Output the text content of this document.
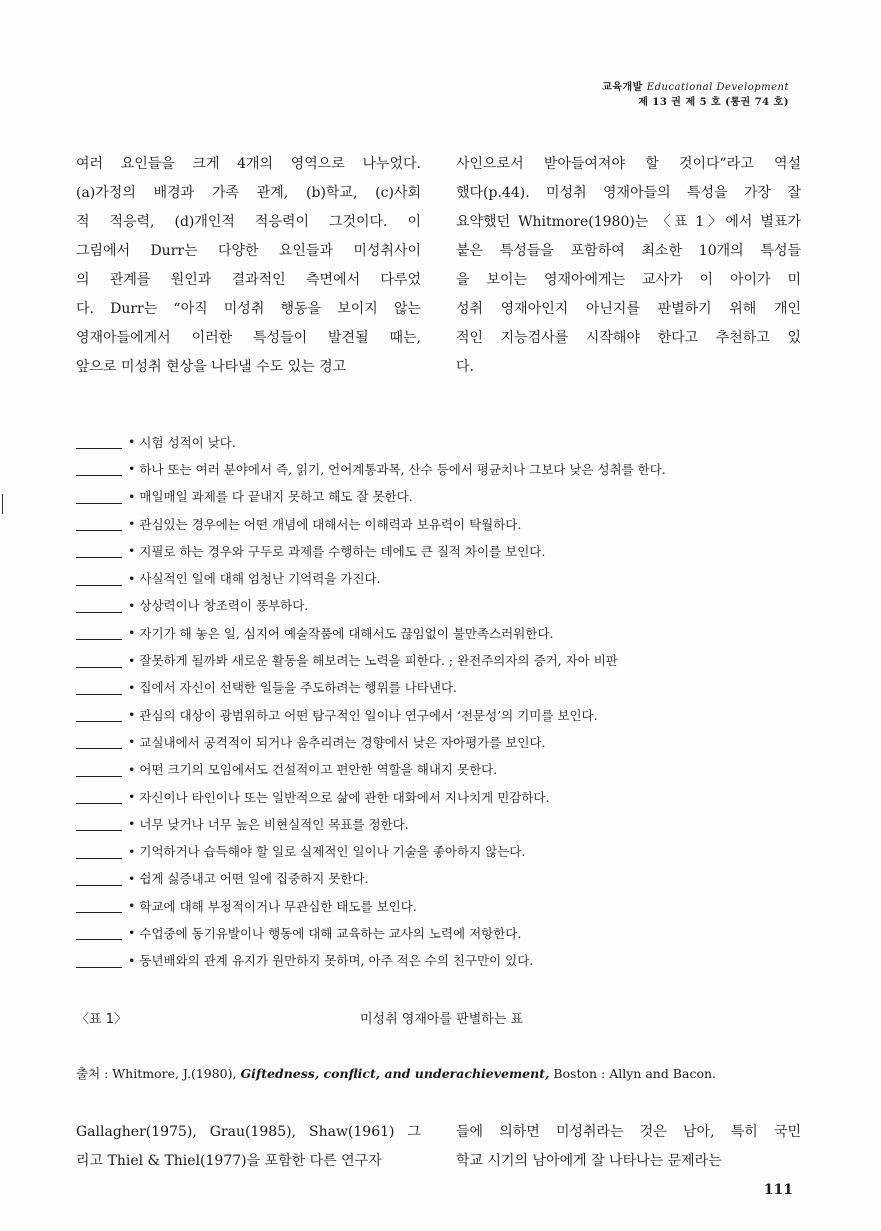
교육개발 Educational Development
제 13 권 제 5 호 (통권 74 호)
여러 요인들을 크게 4개의 영역으로 나누었다.
(a)가정의 배경과 가족 관계, (b)학교, (c)사회
적 적응력, (d)개인적 적응력이 그것이다. 이
그림에서 Durr는 다양한 요인들과 미성취사이
의 관계를 원인과 결과적인 측면에서 다루었
다. Durr는 “아직 미성취 행동을 보이지 않는
영재아들에게서 이러한 특성들이 발견될 때는,
앞으로 미성취 현상을 나타낼 수도 있는 경고
사인으로서 받아들여져야 할 것이다”라고 역설
했다(p.44). 미성취 영재아들의 특성을 가장 잘
요약했던 Whitmore(1980)는 〈표 1〉에서 별표가
붙은 특성들을 포함하여 최소한 10개의 특성들
을 보이는 영재아에게는 교사가 이 아이가 미
성취 영재아인지 아닌지를 판별하기 위해 개인
적인 지능검사를 시작해야 한다고 추천하고 있
다.
• 시험 성적이 낮다.
• 하나 또는 여러 분야에서 즉, 읽기, 언어계통과목, 산수 등에서 평균치나 그보다 낮은 성취를 한다.
• 매일매일 과제를 다 끝내지 못하고 해도 잘 못한다.
• 관심있는 경우에는 어떤 개념에 대해서는 이해력과 보유력이 탁월하다.
• 지필로 하는 경우와 구두로 과제를 수행하는 데에도 큰 질적 차이를 보인다.
• 사실적인 일에 대해 엄청난 기억력을 가진다.
• 상상력이나 창조력이 풍부하다.
• 자기가 해 놓은 일, 심지어 예술작품에 대해서도 끊임없이 불만족스러워한다.
• 잘못하게 될까봐 새로운 활동을 해보려는 노력을 피한다. ; 완전주의자의 증거, 자아 비판
• 집에서 자신이 선택한 일들을 주도하려는 행위를 나타낸다.
• 관심의 대상이 광범위하고 어떤 탐구적인 일이나 연구에서 ‘전문성’의 기미를 보인다.
• 교실내에서 공격적이 되거나 움추리려는 경향에서 낮은 자아평가를 보인다.
• 어떤 크기의 모임에서도 건설적이고 편안한 역할을 해내지 못한다.
• 자신이나 타인이나 또는 일반적으로 삶에 관한 대화에서 지나치게 민감하다.
• 너무 낮거나 너무 높은 비현실적인 목표를 정한다.
• 기억하거나 습득해야 할 일로 실제적인 일이나 기술을 좋아하지 않는다.
• 쉽게 싫증내고 어떤 일에 집중하지 못한다.
• 학교에 대해 부정적이거나 무관심한 태도를 보인다.
• 수업중에 동기유발이나 행동에 대해 교육하는 교사의 노력에 저항한다.
• 동년배와의 관계 유지가 원만하지 못하며, 아주 적은 수의 친구만이 있다.
〈표 1〉	미성취 영재아를 판별하는 표
출처 : Whitmore, J.(1980), Giftedness, conflict, and underachievement, Boston : Allyn and Bacon.
Gallagher(1975), Grau(1985), Shaw(1961) 그
리고 Thiel & Thiel(1977)을 포함한 다른 연구자
들에 의하면 미성취라는 것은 남아, 특히 국민
학교 시기의 남아에게 잘 나타나는 문제라는
111
